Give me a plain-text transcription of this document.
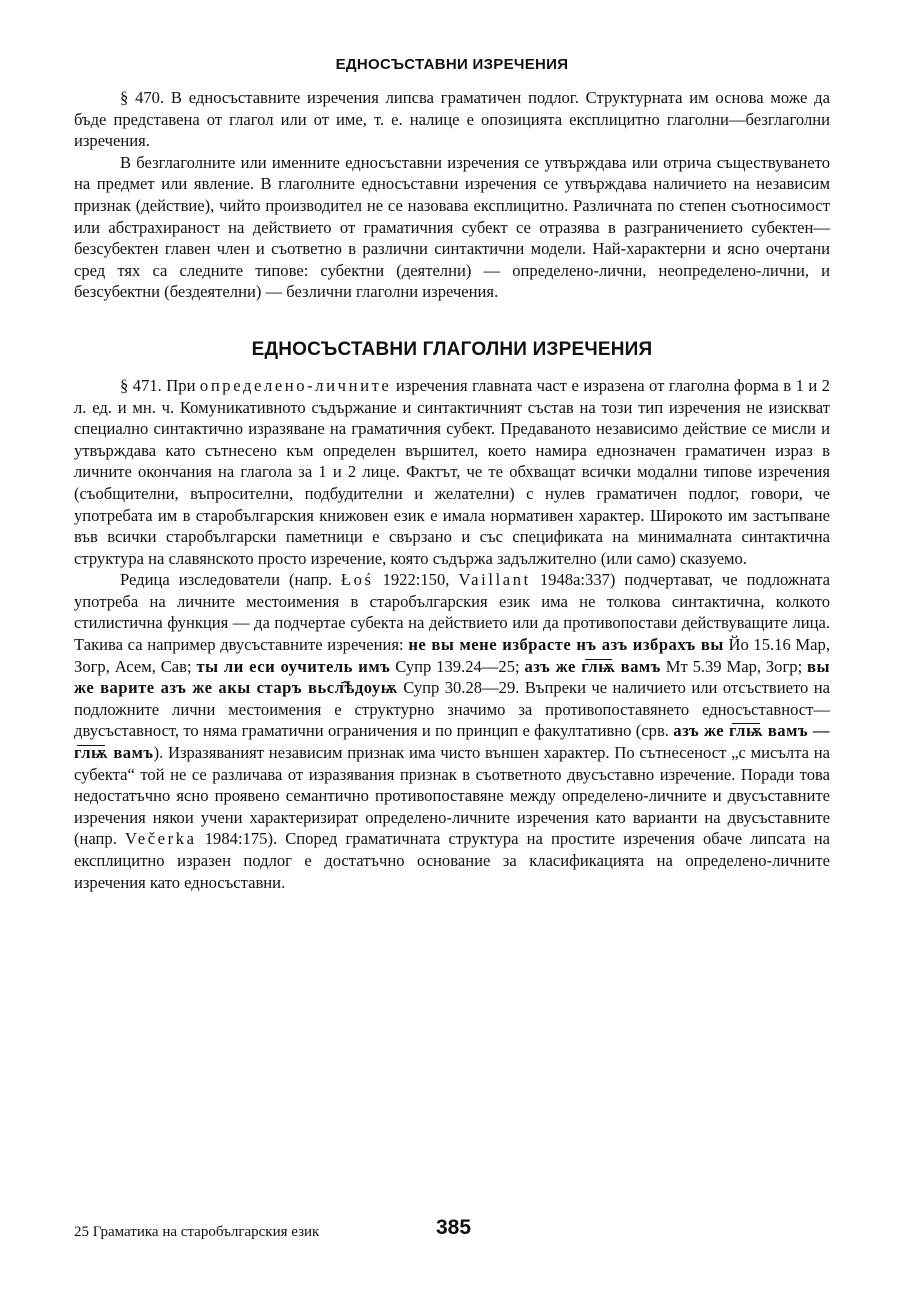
ЕДНОСЪСТАВНИ ИЗРЕЧЕНИЯ

§ 470. В едносъставните изречения липсва граматичен подлог. Структурната им основа може да бъде представена от глагол или от име, т. е. налице е опозицията експлицитно глаголни—безглаголни изречения.

В безглаголните или именните едносъставни изречения се утвърждава или отрича съществуването на предмет или явление. В глаголните едносъставни изречения се утвърждава наличието на независим признак (действие), чийто производител не се назовава експлицитно. Различната по степен съотносимост или абстрахираност на действието от граматичния субект се отразява в разграничението субектен—безсубектен главен член и съответно в различни синтактични модели. Най-характерни и ясно очертани сред тях са следните типове: субектни (деятелни) — определено-лични, неопределено-лични, и безсубектни (бездеятелни) — безлични глаголни изречения.

ЕДНОСЪСТАВНИ ГЛАГОЛНИ ИЗРЕЧЕНИЯ

§ 471. При определено-личните изречения главната част е изразена от глаголна форма в 1 и 2 л. ед. и мн. ч. Комуникативното съдържание и синтактичният състав на този тип изречения не изискват специално синтактично изразяване на граматичния субект. Предаваното независимо действие се мисли и утвърждава като сътнесено към определен вършител, което намира еднозначен граматичен израз в личните окончания на глагола за 1 и 2 лице. Фактът, че те обхващат всички модални типове изречения (съобщителни, въпросителни, подбудителни и желателни) с нулев граматичен подлог, говори, че употребата им в старобългарския книжовен език е имала нормативен характер. Широкото им застъпване във всички старобългарски паметници е свързано и със спецификата на минималната синтактична структура на славянското просто изречение, която съдържа задължително (или само) сказуемо.

Редица изследователи (напр. Łoś 1922:150, Vaillant 1948a:337) подчертават, че подложната употреба на личните местоимения в старобългарския език има не толкова синтактична, колкото стилистична функция — да подчертае субекта на действието или да противопостави действуващите лица. Такива са например двусъставните изречения: не вы мене избрасте нъ азъ избрахъ вы Йо 15.16 Мар, Зогр, Асем, Сав; ты ли еси оучитель имъ Супр 139.24—25; азъ же глѭ вамъ Мт 5.39 Мар, Зогр; вы же варите азъ же акы старъ вьсл҄ѣдоуѭ Супр 30.28—29. Въпреки че наличието или отсъствието на подложните лични местоимения е структурно значимо за противопоставянето едносъставност—двусъставност, то няма граматични ограничения и по принцип е факултативно (срв. азъ же глѭ вамъ — глѭ вамъ). Изразяваният независим признак има чисто външен характер. По сътнесеност „с мисълта на субекта“ той не се различава от изразявания признак в съответното двусъставно изречение. Поради това недостатъчно ясно проявено семантично противопоставяне между определено-личните и двусъставните изречения някои учени характеризират определено-личните изречения като варианти на двусъставните (напр. Večerka 1984:175). Според граматичната структура на простите изречения обаче липсата на експлицитно изразен подлог е достатъчно основание за класификацията на определено-личните изречения като едносъставни.

25 Граматика на старобългарския език	385
